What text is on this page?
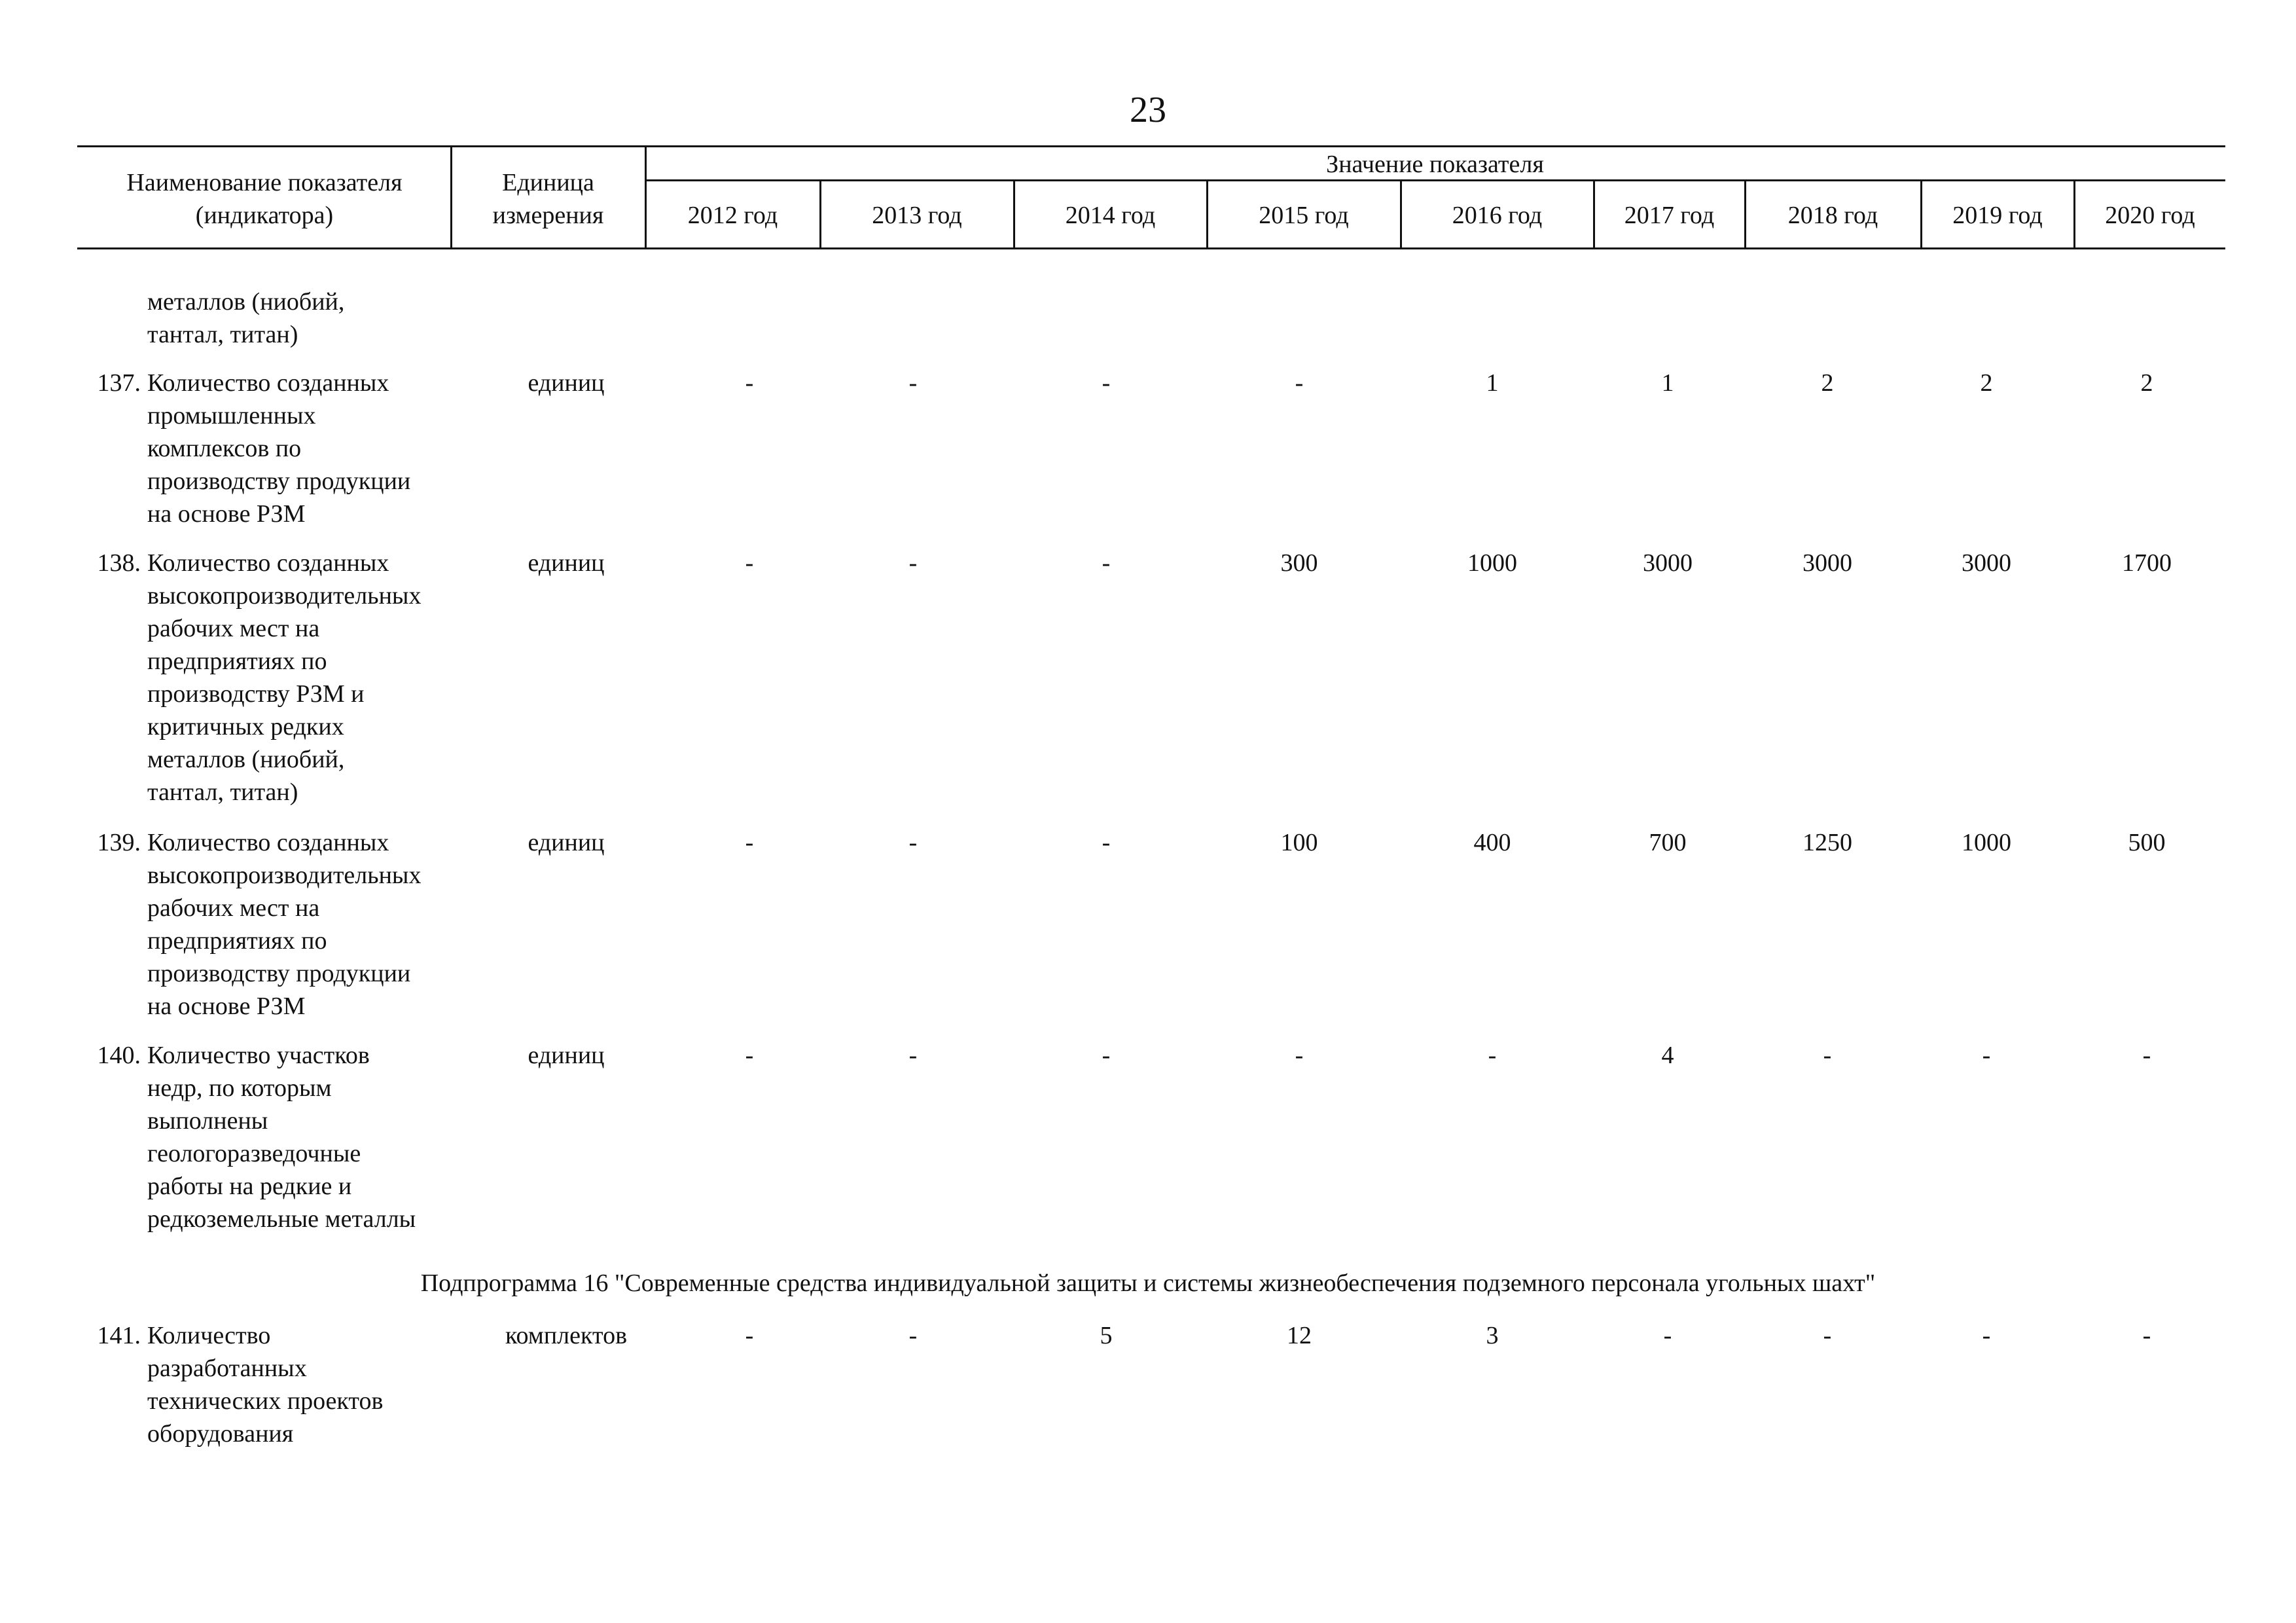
23
Наименование показателя
(индикатора)
Единица
измерения
Значение показателя
2012 год	2013 год	2014 год	2015 год	2016 год	2017 год	2018 год	2019 год	2020 год
металлов (ниобий,
тантал, титан)
137. Количество созданных
промышленных
комплексов по
производству продукции
на основе РЗМ
единиц	-	-	-	-	1	1	2	2	2
138. Количество созданных
высокопроизводительных
рабочих мест на
предприятиях по
производству РЗМ и
критичных редких
металлов (ниобий,
тантал, титан)
единиц	-	-	-	300	1000	3000	3000	3000	1700
139. Количество созданных
высокопроизводительных
рабочих мест на
предприятиях по
производству продукции
на основе РЗМ
единиц	-	-	-	100	400	700	1250	1000	500
140. Количество участков
недр, по которым
выполнены
геологоразведочные
работы на редкие и
редкоземельные металлы
единиц	-	-	-	-	-	4	-	-	-
Подпрограмма 16 "Современные средства индивидуальной защиты и системы жизнеобеспечения подземного персонала угольных шахт"
141. Количество
разработанных
технических проектов
оборудования
комплектов	-	-	5	12	3	-	-	-	-
